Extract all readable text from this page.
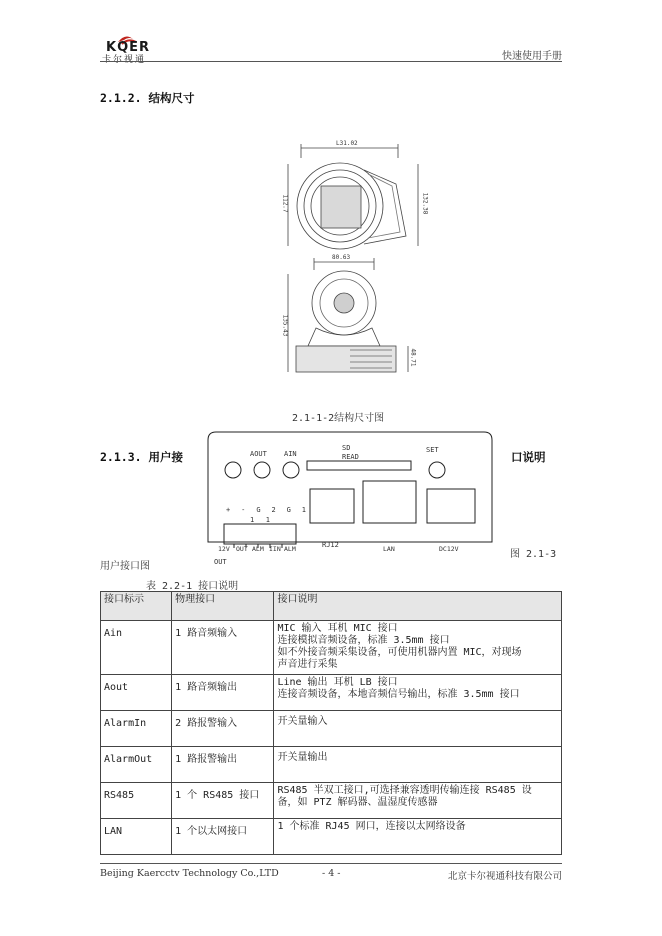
KQER
卡尔视通	快速使用手册
2.1.2. 结构尺寸
L31.02
112.7	132.38
80.63
135.43
48.71
2.1-1-2结构尺寸图
2.1.3. 用户接	口说明
AOUT AIN
SD
READ
SET
+ - G 2 G 1
1 1
12V OUT ALM IIN ALM	RJ12	LAN	DC12V
OUT
图 2.1-3
用户接口图
表 2.2-1 接口说明
接口标示	物理接口	接口说明
Ain	1 路音频输入	MIC 输入 耳机 MIC 接口
连接模拟音频设备，标准 3.5mm 接口
如不外接音频采集设备，可使用机器内置 MIC，对现场
声音进行采集

Aout	1 路音频输出	Line 输出 耳机 LB 接口
连接音频设备，本地音频信号输出，标准 3.5mm 接口

AlarmIn	2 路报警输入	开关量输入

AlarmOut	1 路报警输出	开关量输出

RS485	1 个 RS485 接口	RS485 半双工接口,可选择兼容透明传输连接 RS485 设
备，如 PTZ 解码器、温湿度传感器

LAN	1 个以太网接口	1 个标准 RJ45 网口，连接以太网络设备
Beijing Kaercctv Technology Co.,LTD	- 4 -	北京卡尔视通科技有限公司
